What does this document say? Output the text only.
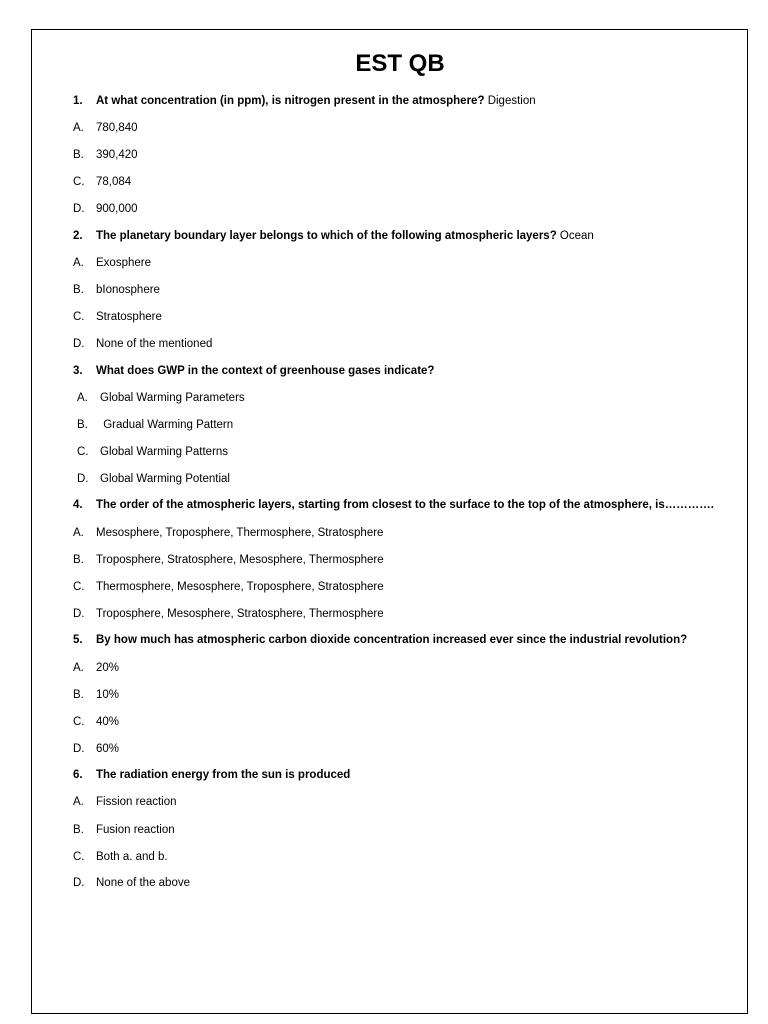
EST QB
1. At what concentration (in ppm), is nitrogen present in the atmosphere? Digestion
A. 780,840
B. 390,420
C. 78,084
D. 900,000
2. The planetary boundary layer belongs to which of the following atmospheric layers? Ocean
A. Exosphere
B. bIonosphere
C. Stratosphere
D. None of the mentioned
3. What does GWP in the context of greenhouse gases indicate?
A. Global Warming Parameters
B. Gradual Warming Pattern
C. Global Warming Patterns
D. Global Warming Potential
4. The order of the atmospheric layers, starting from closest to the surface to the top of the atmosphere, is………….
A. Mesosphere, Troposphere, Thermosphere, Stratosphere
B. Troposphere, Stratosphere, Mesosphere, Thermosphere
C. Thermosphere, Mesosphere, Troposphere, Stratosphere
D. Troposphere, Mesosphere, Stratosphere, Thermosphere
5. By how much has atmospheric carbon dioxide concentration increased ever since the industrial revolution?
A. 20%
B. 10%
C. 40%
D. 60%
6. The radiation energy from the sun is produced
A. Fission reaction
B. Fusion reaction
C. Both a. and b.
D. None of the above
